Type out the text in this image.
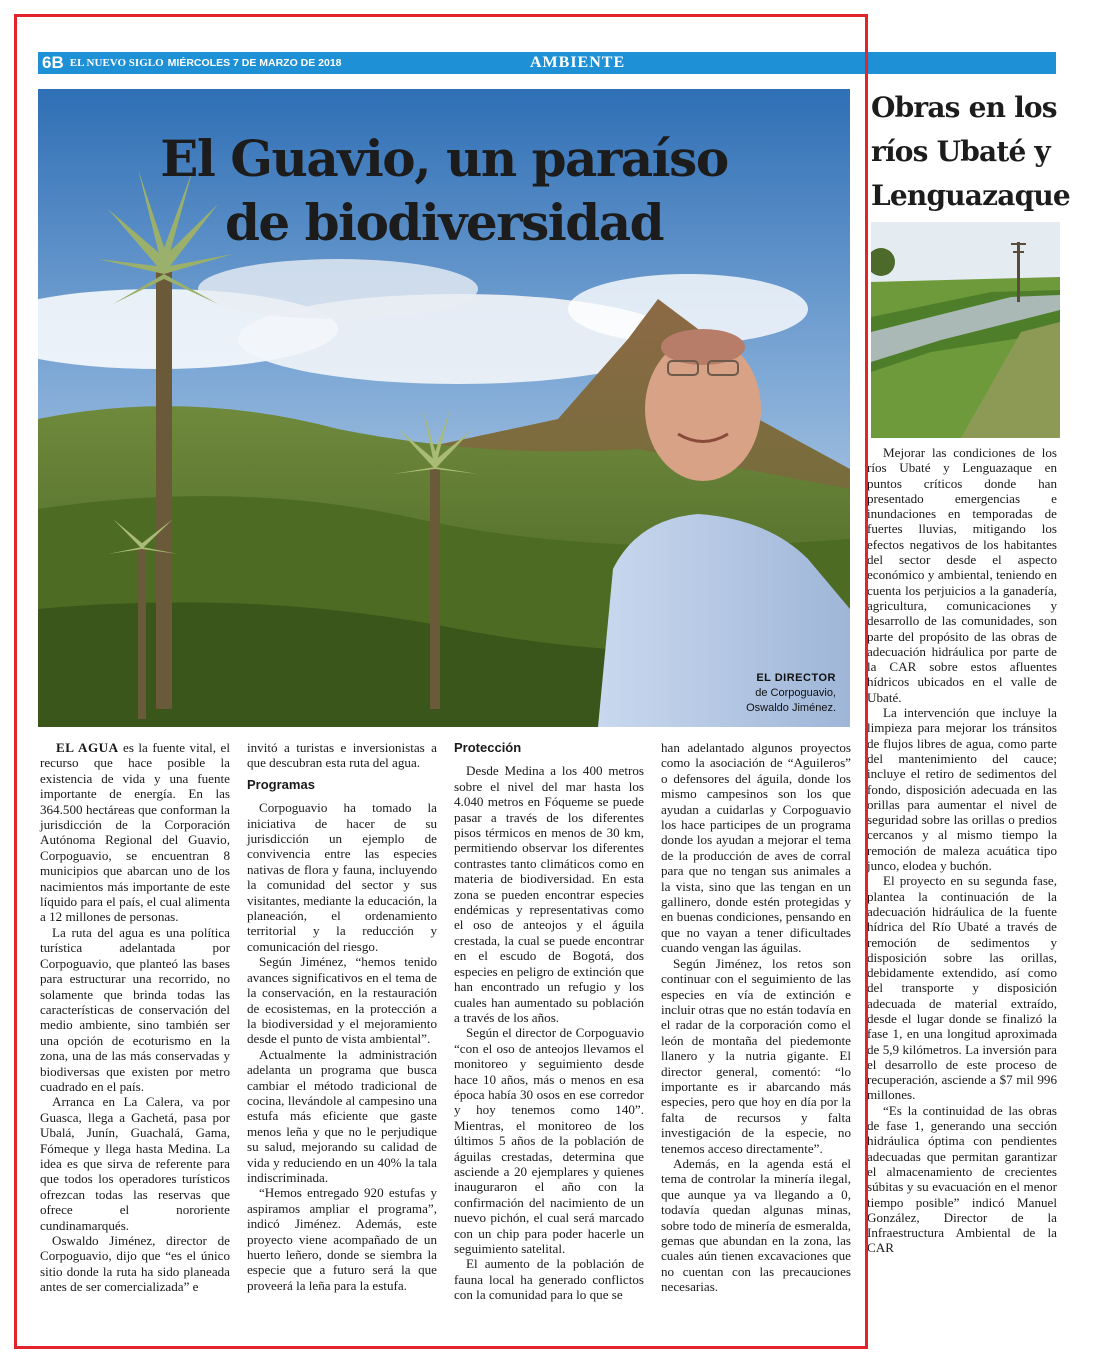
6B EL NUEVO SIGLO MIÉRCOLES 7 DE MARZO DE 2018	AMBIENTE
El Guavio, un paraíso
de biodiversidad
EL DIRECTOR
de Corpoguavio,
Oswaldo Jiménez.

EL AGUA es la fuente vital, el recurso que hace posible la existencia de vida y una fuente importante de energía. En las 364.500 hectáreas que conforman la jurisdicción de la Corporación Autónoma Regional del Guavio, Corpoguavio, se encuentran 8 municipios que abarcan uno de los nacimientos más importante de este líquido para el país, el cual alimenta a 12 millones de personas.

La ruta del agua es una política turística adelantada por Corpoguavio, que planteó las bases para estructurar una recorrido, no solamente que brinda todas las características de conservación del medio ambiente, sino también ser una opción de ecoturismo en la zona, una de las más conservadas y biodiversas que existen por metro cuadrado en el país.

Arranca en La Calera, va por Guasca, llega a Gachetá, pasa por Ubalá, Junín, Guachalá, Gama, Fómeque y llega hasta Medina. La idea es que sirva de referente para que todos los operadores turísticos ofrezcan todas las reservas que ofrece el nororiente cundinamarqués.

Oswaldo Jiménez, director de Corpoguavio, dijo que “es el único sitio donde la ruta ha sido planeada antes de ser comercializada” e

invitó a turistas e inversionistas a que descubran esta ruta del agua.

Programas

Corpoguavio ha tomado la iniciativa de hacer de su jurisdicción un ejemplo de convivencia entre las especies nativas de flora y fauna, incluyendo la comunidad del sector y sus visitantes, mediante la educación, la planeación, el ordenamiento territorial y la reducción y comunicación del riesgo.

Según Jiménez, “hemos tenido avances significativos en el tema de la conservación, en la restauración de ecosistemas, en la protección a la biodiversidad y el mejoramiento desde el punto de vista ambiental”.

Actualmente la administración adelanta un programa que busca cambiar el método tradicional de cocina, llevándole al campesino una estufa más eficiente que gaste menos leña y que no le perjudique su salud, mejorando su calidad de vida y reduciendo en un 40% la tala indiscriminada.

“Hemos entregado 920 estufas y aspiramos ampliar el programa”, indicó Jiménez. Además, este proyecto viene acompañado de un huerto leñero, donde se siembra la especie que a futuro será la que proveerá la leña para la estufa.

Protección

Desde Medina a los 400 metros sobre el nivel del mar hasta los 4.040 metros en Fóqueme se puede pasar a través de los diferentes pisos térmicos en menos de 30 km, permitiendo observar los diferentes contrastes tanto climáticos como en materia de biodiversidad. En esta zona se pueden encontrar especies endémicas y representativas como el oso de anteojos y el águila crestada, la cual se puede encontrar en el escudo de Bogotá, dos especies en peligro de extinción que han encontrado un refugio y los cuales han aumentado su población a través de los años.

Según el director de Corpoguavio “con el oso de anteojos llevamos el monitoreo y seguimiento desde hace 10 años, más o menos en esa época había 30 osos en ese corredor y hoy tenemos como 140”. Mientras, el monitoreo de los últimos 5 años de la población de águilas crestadas, determina que asciende a 20 ejemplares y quienes inauguraron el año con la confirmación del nacimiento de un nuevo pichón, el cual será marcado con un chip para poder hacerle un seguimiento satelital.

El aumento de la población de fauna local ha generado conflictos con la comunidad para lo que se

han adelantado algunos proyectos como la asociación de “Aguileros” o defensores del águila, donde los mismo campesinos son los que ayudan a cuidarlas y Corpoguavio los hace participes de un programa donde los ayudan a mejorar el tema de la producción de aves de corral para que no tengan sus animales a la vista, sino que las tengan en un gallinero, donde estén protegidas y en buenas condiciones, pensando en que no vayan a tener dificultades cuando vengan las águilas.

Según Jiménez, los retos son continuar con el seguimiento de las especies en vía de extinción e incluir otras que no están todavía en el radar de la corporación como el león de montaña del piedemonte llanero y la nutria gigante. El director general, comentó: “lo importante es ir abarcando más especies, pero que hoy en día por la falta de recursos y falta investigación de la especie, no tenemos acceso directamente”.

Además, en la agenda está el tema de controlar la minería ilegal, que aunque ya va llegando a 0, todavía quedan algunas minas, sobre todo de minería de esmeralda, gemas que abundan en la zona, las cuales aún tienen excavaciones que no cuentan con las precauciones necesarias.

Obras en los
ríos Ubaté y
Lenguazaque

Mejorar las condiciones de los ríos Ubaté y Lenguazaque en puntos críticos donde han presentado emergencias e inundaciones en temporadas de fuertes lluvias, mitigando los efectos negativos de los habitantes del sector desde el aspecto económico y ambiental, teniendo en cuenta los perjuicios a la ganadería, agricultura, comunicaciones y desarrollo de las comunidades, son parte del propósito de las obras de adecuación hidráulica por parte de la CAR sobre estos afluentes hídricos ubicados en el valle de Ubaté.

La intervención que incluye la limpieza para mejorar los tránsitos de flujos libres de agua, como parte del mantenimiento del cauce; incluye el retiro de sedimentos del fondo, disposición adecuada en las orillas para aumentar el nivel de seguridad sobre las orillas o predios cercanos y al mismo tiempo la remoción de maleza acuática tipo junco, elodea y buchón.

El proyecto en su segunda fase, plantea la continuación de la adecuación hidráulica de la fuente hídrica del Río Ubaté a través de remoción de sedimentos y disposición sobre las orillas, debidamente extendido, así como del transporte y disposición adecuada de material extraído, desde el lugar donde se finalizó la fase 1, en una longitud aproximada de 5,9 kilómetros. La inversión para el desarrollo de este proceso de recuperación, asciende a $7 mil 996 millones.

“Es la continuidad de las obras de fase 1, generando una sección hidráulica óptima con pendientes adecuadas que permitan garantizar el almacenamiento de crecientes súbitas y su evacuación en el menor tiempo posible” indicó Manuel González, Director de la Infraestructura Ambiental de la CAR
